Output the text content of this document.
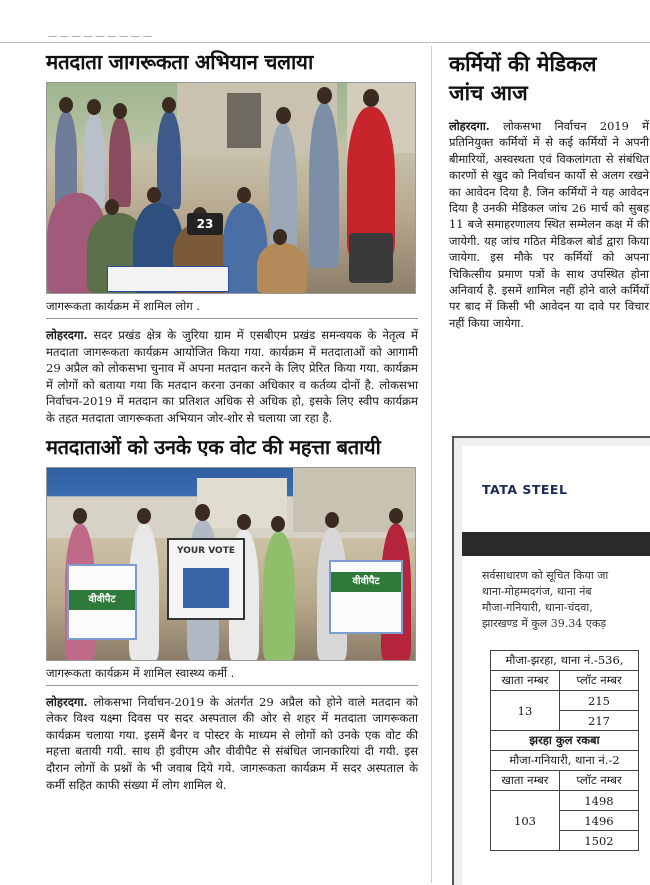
— — — — — — — — —
मतदाता जागरूकता अभियान चलाया
23
जागरूकता कार्यक्रम में शामिल लोग .

लोहरदगा. सदर प्रखंड क्षेत्र के जुरिया ग्राम में एसबीएम प्रखंड समन्वयक के नेतृत्व में मतदाता जागरूकता कार्यक्रम आयोजित किया गया. कार्यक्रम में मतदाताओं को आगामी 29 अप्रैल को लोकसभा चुनाव में अपना मतदान करने के लिए प्रेरित किया गया. कार्यक्रम में लोगों को बताया गया कि मतदान करना उनका अधिकार व कर्तव्य दोनों है. लोकसभा निर्वाचन-2019 में मतदान का प्रतिशत अधिक से अधिक हो, इसके लिए स्वीप कार्यक्रम के तहत मतदाता जागरूकता अभियान जोर-शोर से चलाया जा रहा है.

मतदाताओं को उनके एक वोट की महत्ता बतायी
वीवीपैट
YOUR VOTE
वीवीपैट
जागरूकता कार्यक्रम में शामिल स्वास्थ्य कर्मी .

लोहरदगा. लोकसभा निर्वाचन-2019 के अंतर्गत 29 अप्रैल को होने वाले मतदान को लेकर विश्व यक्ष्मा दिवस पर सदर अस्पताल की ओर से शहर में मतदाता जागरूकता कार्यक्रम चलाया गया. इसमें बैनर व पोस्टर के माध्यम से लोगों को उनके एक वोट की महत्ता बतायी गयी. साथ ही इवीएम और वीवीपैट से संबंधित जानकारियां दी गयी. इस दौरान लोगों के प्रश्नों के भी जवाब दिये गये. जागरूकता कार्यक्रम में सदर अस्पताल के कर्मी सहित काफी संख्या में लोग शामिल थे.

कर्मियों की मेडिकल
जांच आज

लोहरदगा. लोकसभा निर्वाचन 2019 में प्रतिनियुक्त कर्मियों में से कई कर्मियों ने अपनी बीमारियों, अस्वस्थता एवं विकलांगता से संबंधित कारणों से खुद को निर्वाचन कार्यो से अलग रखने का आवेदन दिया है. जिन कर्मियों ने यह आवेदन दिया है उनकी मेडिकल जांच 26 मार्च को सुबह 11 बजे समाहरणालय स्थित सम्मेलन कक्ष में की जायेगी. यह जांच गठित मेडिकल बोर्ड द्वारा किया जायेगा. इस मौके पर कर्मियों को अपना चिकित्सीय प्रमाण पत्रों के साथ उपस्थित होना अनिवार्य है. इसमें शामिल नहीं होने वाले कर्मियों पर बाद में किसी भी आवेदन या दावे पर विचार नहीं किया जायेगा.

TATA STEEL
सर्वसाधारण को सूचित किया जा
थाना-मोहम्मदगंज, थाना नंब
मौजा-गनियारी, थाना-चंदवा,
झारखण्ड में कुल 39.34 एकड़
मौजा-झरहा, थाना नं.-536,	
खाता नम्बर	प्लॉट नम्बर
13	215
	217
झरहा कुल रकबा	
मौजा-गनियारी, थाना नं.-2	
खाता नम्बर	प्लॉट नम्बर
103	1498
	1496
	1502
